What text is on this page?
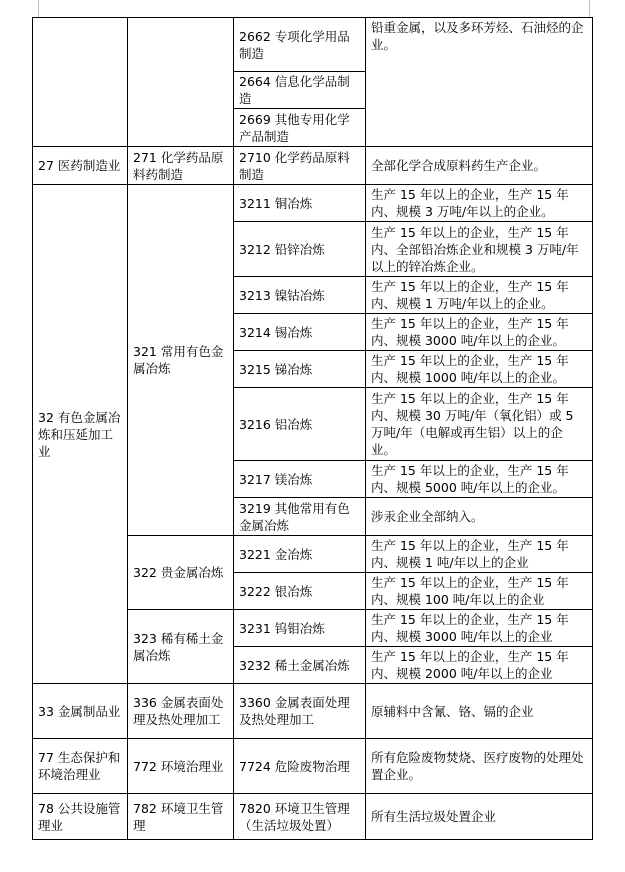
		2662 专项化学用品制造	铅重金属，以及多环芳烃、石油烃的企业。

		2664 信息化学品制造	

		2669 其他专用化学产品制造	

27 医药制造业	271 化学药品原料药制造	2710 化学药品原料制造	全部化学合成原料药生产企业。

32 有色金属冶炼和压延加工业	321 常用有色金属冶炼	3211 铜冶炼	生产 15 年以上的企业，生产 15 年内、规模 3 万吨/年以上的企业。

		3212 铅锌冶炼	生产 15 年以上的企业，生产 15 年内、全部铅冶炼企业和规模 3 万吨/年以上的锌冶炼企业。

		3213 镍钴冶炼	生产 15 年以上的企业，生产 15 年内、规模 1 万吨/年以上的企业。

		3214 锡冶炼	生产 15 年以上的企业，生产 15 年内、规模 3000 吨/年以上的企业。

		3215 锑冶炼	生产 15 年以上的企业，生产 15 年内、规模 1000 吨/年以上的企业。

		3216 铝冶炼	生产 15 年以上的企业，生产 15 年内、规模 30 万吨/年（氧化铝）或 5 万吨/年（电解或再生铝）以上的企业。

		3217 镁冶炼	生产 15 年以上的企业，生产 15 年内、规模 5000 吨/年以上的企业。

		3219 其他常用有色金属冶炼	涉汞企业全部纳入。

	322 贵金属冶炼	3221 金冶炼	生产 15 年以上的企业，生产 15 年内、规模 1 吨/年以上的企业

		3222 银冶炼	生产 15 年以上的企业，生产 15 年内、规模 100 吨/年以上的企业

	323 稀有稀土金属冶炼	3231 钨钼冶炼	生产 15 年以上的企业，生产 15 年内、规模 3000 吨/年以上的企业

		3232 稀土金属冶炼	生产 15 年以上的企业，生产 15 年内、规模 2000 吨/年以上的企业

33 金属制品业	336 金属表面处理及热处理加工	3360 金属表面处理及热处理加工	原辅料中含氰、铬、镉的企业

77 生态保护和环境治理业	772 环境治理业	7724 危险废物治理	所有危险废物焚烧、医疗废物的处理处置企业。

78 公共设施管理业	782 环境卫生管理	7820 环境卫生管理（生活垃圾处置）	所有生活垃圾处置企业
